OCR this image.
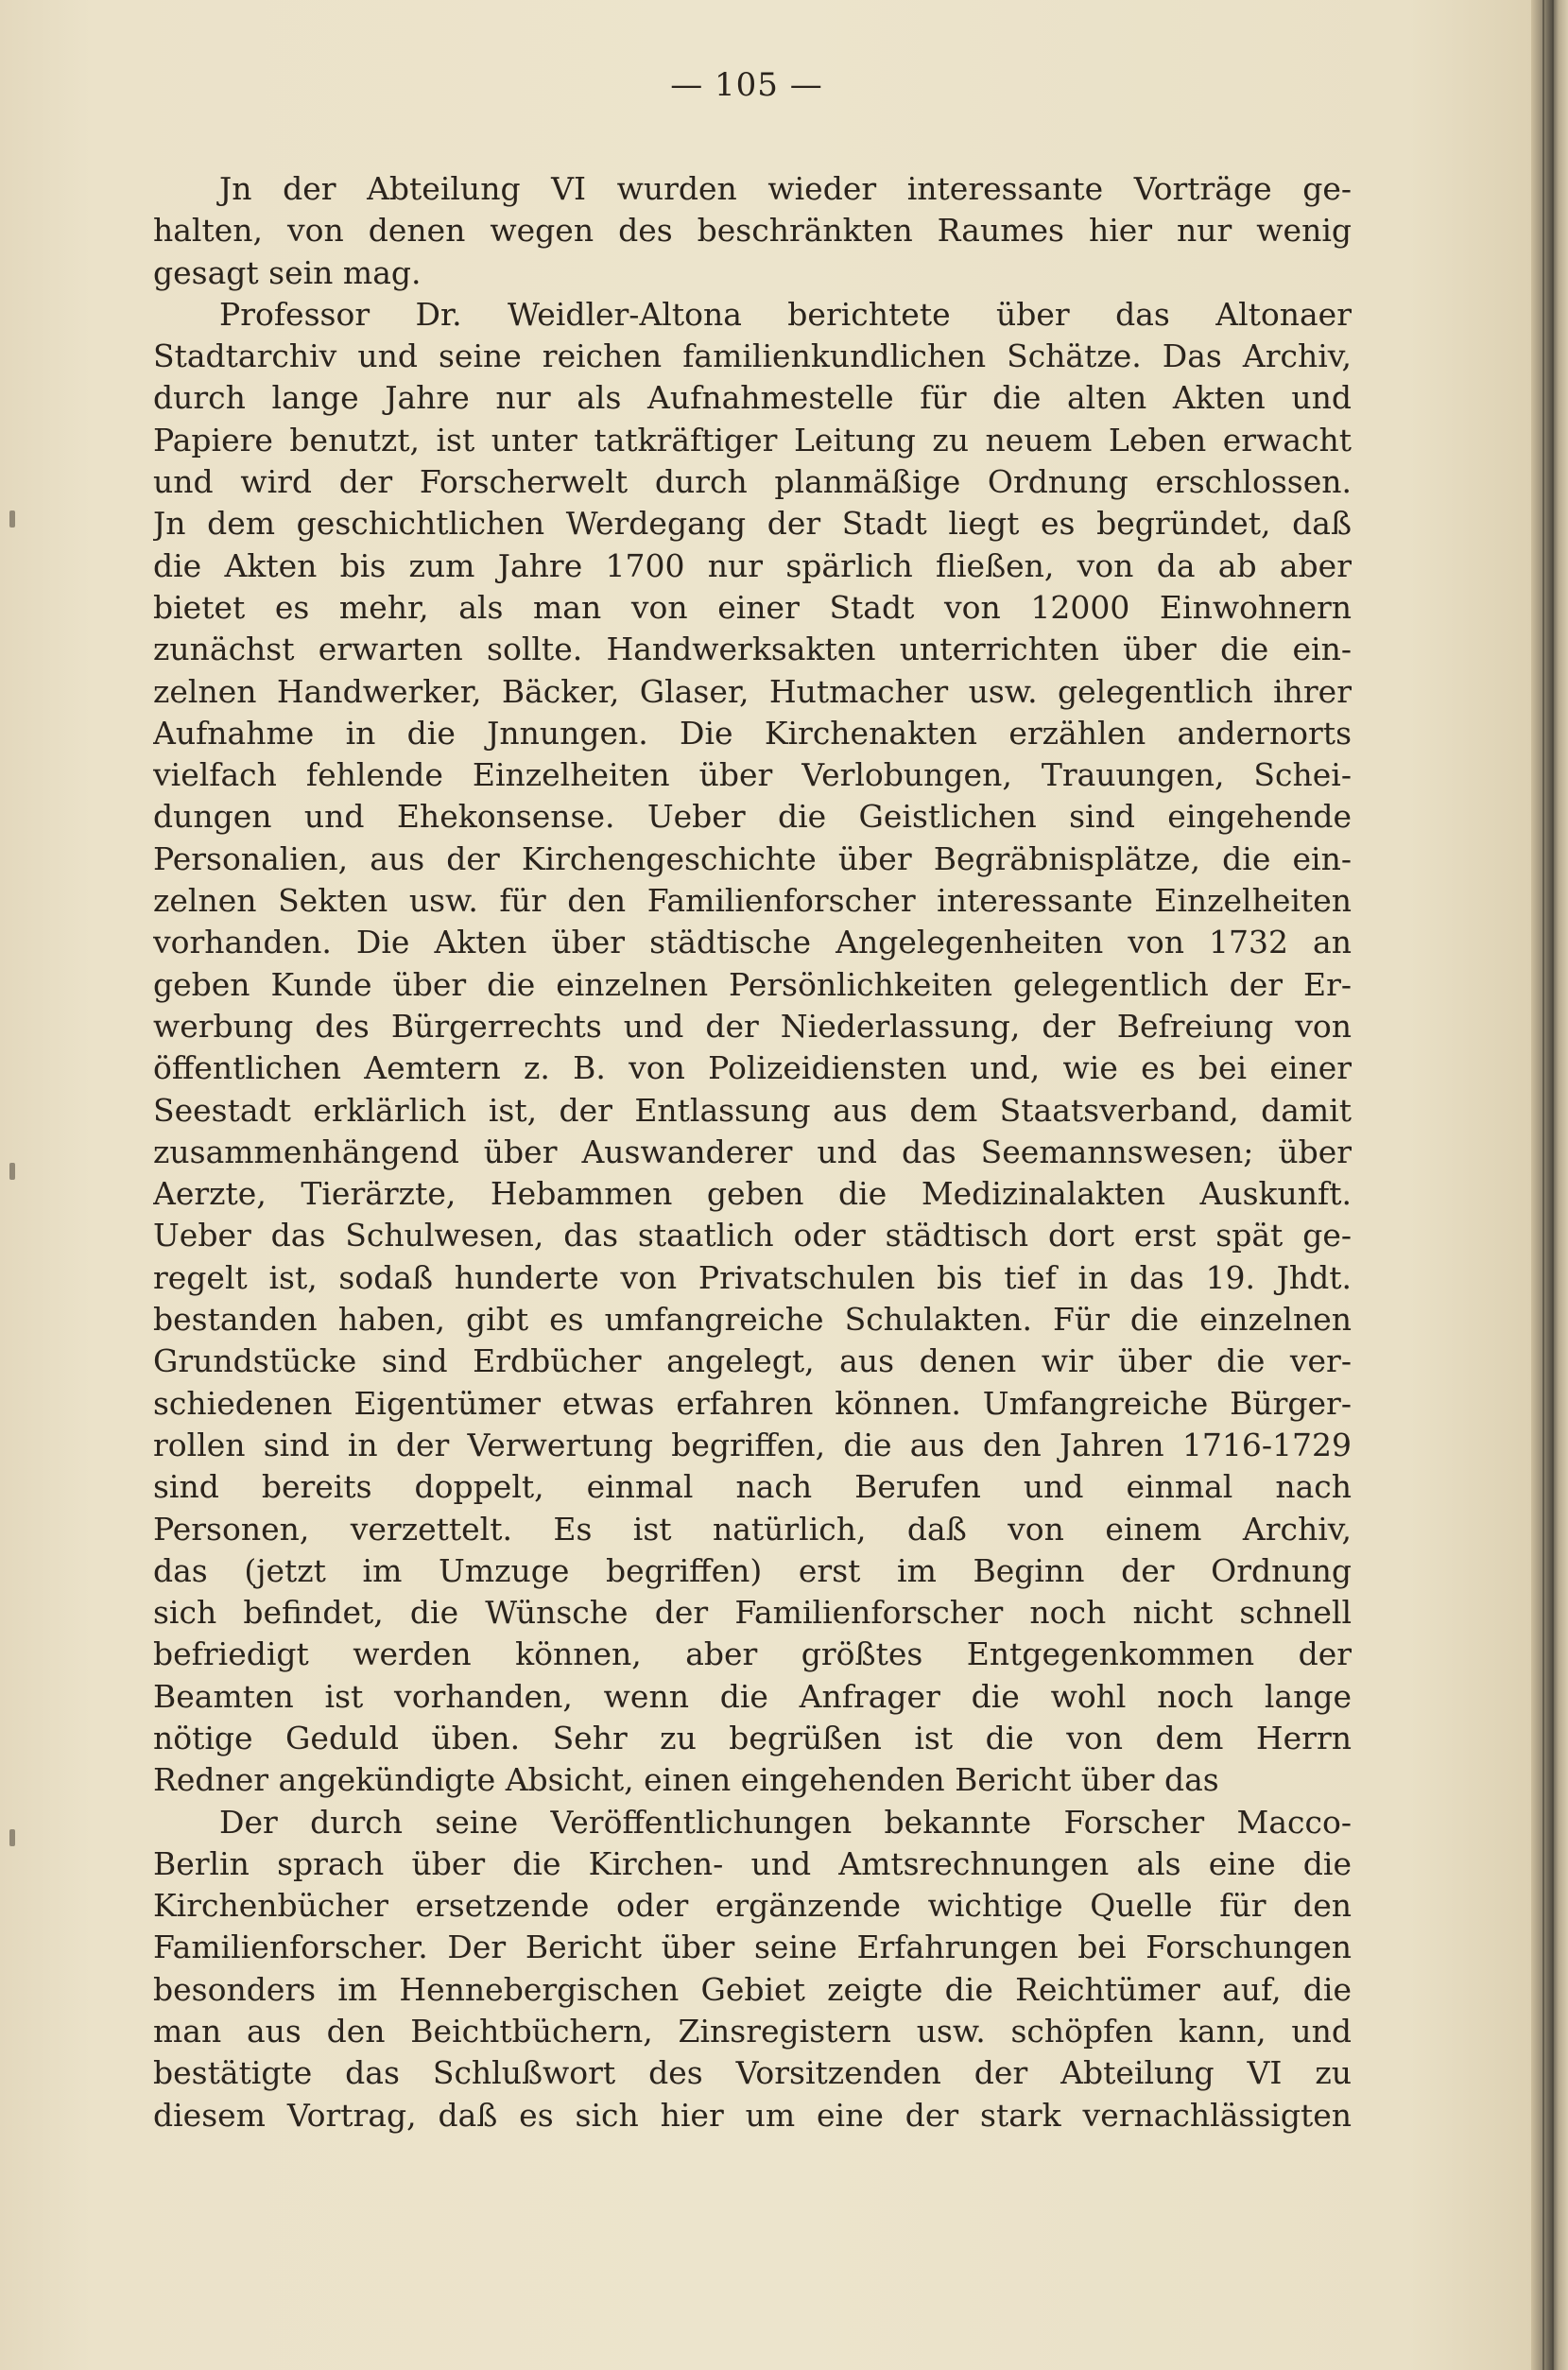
— 105 —
Jn der Abteilung VI wurden wieder interessante Vorträge ge-
halten, von denen wegen des beschränkten Raumes hier nur wenig
gesagt sein mag.
Professor Dr. Weidler-Altona berichtete über das Altonaer
Stadtarchiv und seine reichen familienkundlichen Schätze. Das Archiv,
durch lange Jahre nur als Aufnahmestelle für die alten Akten und
Papiere benutzt, ist unter tatkräftiger Leitung zu neuem Leben erwacht
und wird der Forscherwelt durch planmäßige Ordnung erschlossen.
Jn dem geschichtlichen Werdegang der Stadt liegt es begründet, daß
die Akten bis zum Jahre 1700 nur spärlich fließen, von da ab aber
bietet es mehr, als man von einer Stadt von 12000 Einwohnern
zunächst erwarten sollte. Handwerksakten unterrichten über die ein-
zelnen Handwerker, Bäcker, Glaser, Hutmacher usw. gelegentlich ihrer
Aufnahme in die Jnnungen. Die Kirchenakten erzählen andernorts
vielfach fehlende Einzelheiten über Verlobungen, Trauungen, Schei-
dungen und Ehekonsense. Ueber die Geistlichen sind eingehende
Personalien, aus der Kirchengeschichte über Begräbnisplätze, die ein-
zelnen Sekten usw. für den Familienforscher interessante Einzelheiten
vorhanden. Die Akten über städtische Angelegenheiten von 1732 an
geben Kunde über die einzelnen Persönlichkeiten gelegentlich der Er-
werbung des Bürgerrechts und der Niederlassung, der Befreiung von
öffentlichen Aemtern z. B. von Polizeidiensten und, wie es bei einer
Seestadt erklärlich ist, der Entlassung aus dem Staatsverband, damit
zusammenhängend über Auswanderer und das Seemannswesen; über
Aerzte, Tierärzte, Hebammen geben die Medizinalakten Auskunft.
Ueber das Schulwesen, das staatlich oder städtisch dort erst spät ge-
regelt ist, sodaß hunderte von Privatschulen bis tief in das 19. Jhdt.
bestanden haben, gibt es umfangreiche Schulakten. Für die einzelnen
Grundstücke sind Erdbücher angelegt, aus denen wir über die ver-
schiedenen Eigentümer etwas erfahren können. Umfangreiche Bürger-
rollen sind in der Verwertung begriffen, die aus den Jahren 1716-1729
sind bereits doppelt, einmal nach Berufen und einmal nach
Personen, verzettelt. Es ist natürlich, daß von einem Archiv,
das (jetzt im Umzuge begriffen) erst im Beginn der Ordnung
sich befindet, die Wünsche der Familienforscher noch nicht schnell
befriedigt werden können, aber größtes Entgegenkommen der
Beamten ist vorhanden, wenn die Anfrager die wohl noch lange
nötige Geduld üben. Sehr zu begrüßen ist die von dem Herrn
Redner angekündigte Absicht, einen eingehenden Bericht über das
Der durch seine Veröffentlichungen bekannte Forscher Macco-
Berlin sprach über die Kirchen- und Amtsrechnungen als eine die
Kirchenbücher ersetzende oder ergänzende wichtige Quelle für den
Familienforscher. Der Bericht über seine Erfahrungen bei Forschungen
besonders im Hennebergischen Gebiet zeigte die Reichtümer auf, die
man aus den Beichtbüchern, Zinsregistern usw. schöpfen kann, und
bestätigte das Schlußwort des Vorsitzenden der Abteilung VI zu
diesem Vortrag, daß es sich hier um eine der stark vernachlässigten
